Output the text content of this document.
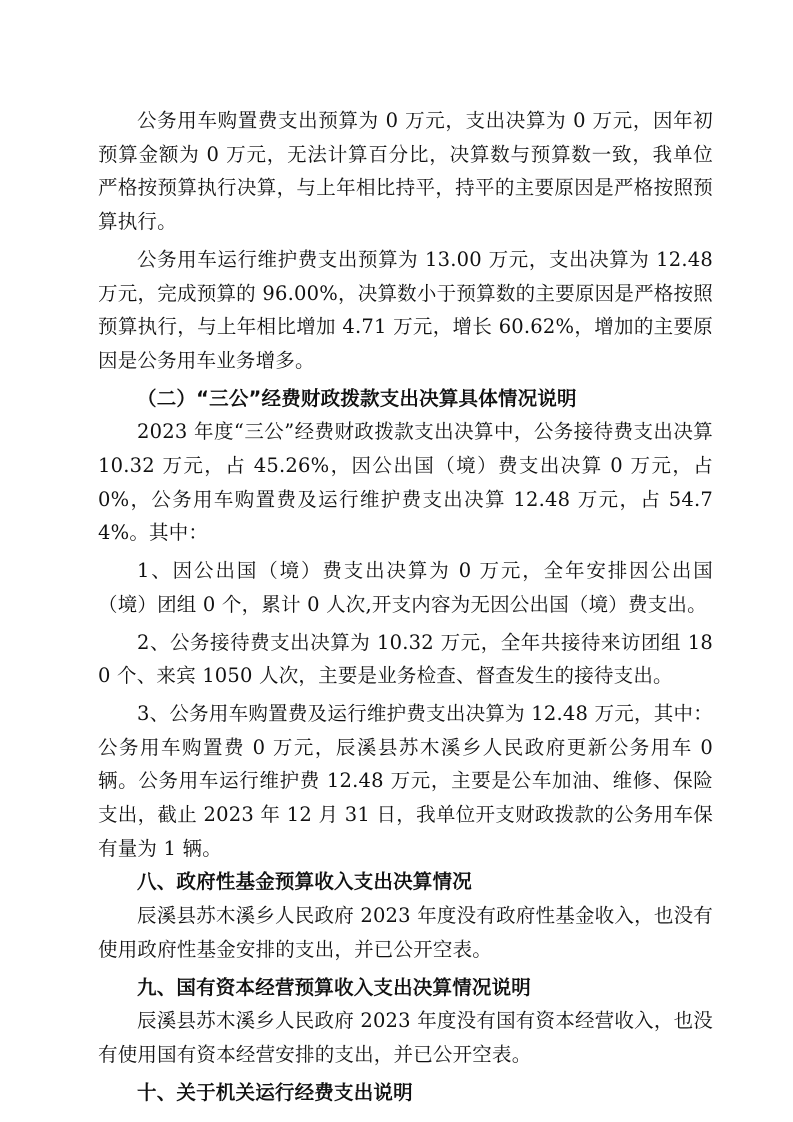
公务用车购置费支出预算为 0 万元，支出决算为 0 万元，因年初预算金额为 0 万元，无法计算百分比，决算数与预算数一致，我单位严格按预算执行决算，与上年相比持平，持平的主要原因是严格按照预算执行。

公务用车运行维护费支出预算为 13.00 万元，支出决算为 12.48 万元，完成预算的 96.00%，决算数小于预算数的主要原因是严格按照预算执行，与上年相比增加 4.71 万元，增长 60.62%，增加的主要原因是公务用车业务增多。

（二）“三公”经费财政拨款支出决算具体情况说明

2023 年度“三公”经费财政拨款支出决算中，公务接待费支出决算 10.32 万元，占 45.26%，因公出国（境）费支出决算 0 万元，占 0%，公务用车购置费及运行维护费支出决算 12.48 万元，占 54.74%。其中：

1、因公出国（境）费支出决算为 0 万元，全年安排因公出国（境）团组 0 个，累计 0 人次,开支内容为无因公出国（境）费支出。

2、公务接待费支出决算为 10.32 万元，全年共接待来访团组 180 个、来宾 1050 人次，主要是业务检查、督查发生的接待支出。

3、公务用车购置费及运行维护费支出决算为 12.48 万元，其中：公务用车购置费 0 万元，辰溪县苏木溪乡人民政府更新公务用车 0 辆。公务用车运行维护费 12.48 万元，主要是公车加油、维修、保险支出，截止 2023 年 12 月 31 日，我单位开支财政拨款的公务用车保有量为 1 辆。

八、政府性基金预算收入支出决算情况

辰溪县苏木溪乡人民政府 2023 年度没有政府性基金收入，也没有使用政府性基金安排的支出，并已公开空表。

九、国有资本经营预算收入支出决算情况说明

辰溪县苏木溪乡人民政府 2023 年度没有国有资本经营收入，也没有使用国有资本经营安排的支出，并已公开空表。

十、关于机关运行经费支出说明
